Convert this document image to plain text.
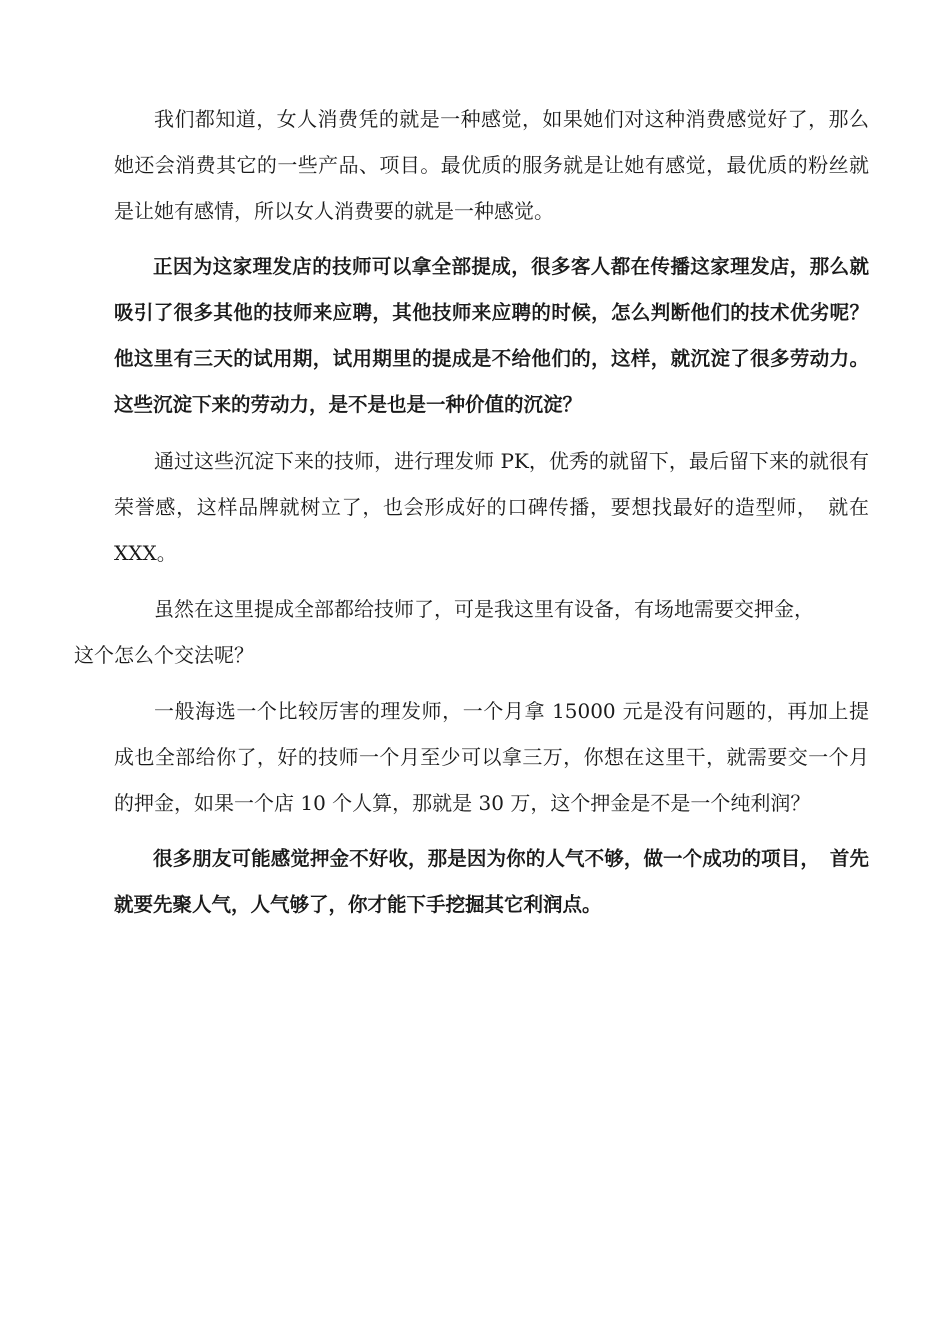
我们都知道，女人消费凭的就是一种感觉，如果她们对这种消费感觉好了，那么她还会消费其它的一些产品、项目。最优质的服务就是让她有感觉，最优质的粉丝就是让她有感情，所以女人消费要的就是一种感觉。

正因为这家理发店的技师可以拿全部提成，很多客人都在传播这家理发店，那么就吸引了很多其他的技师来应聘，其他技师来应聘的时候，怎么判断他们的技术优劣呢？他这里有三天的试用期，试用期里的提成是不给他们的，这样，就沉淀了很多劳动力。这些沉淀下来的劳动力，是不是也是一种价值的沉淀？

通过这些沉淀下来的技师，进行理发师 PK，优秀的就留下，最后留下来的就很有荣誉感，这样品牌就树立了，也会形成好的口碑传播，要想找最好的造型师，　就在 XXX。

虽然在这里提成全部都给技师了，可是我这里有设备，有场地需要交押金，
这个怎么个交法呢？

一般海选一个比较厉害的理发师，一个月拿 15000 元是没有问题的，再加上提成也全部给你了，好的技师一个月至少可以拿三万，你想在这里干，就需要交一个月的押金，如果一个店 10 个人算，那就是 30 万，这个押金是不是一个纯利润？

很多朋友可能感觉押金不好收，那是因为你的人气不够，做一个成功的项目，　首先就要先聚人气，人气够了，你才能下手挖掘其它利润点。
